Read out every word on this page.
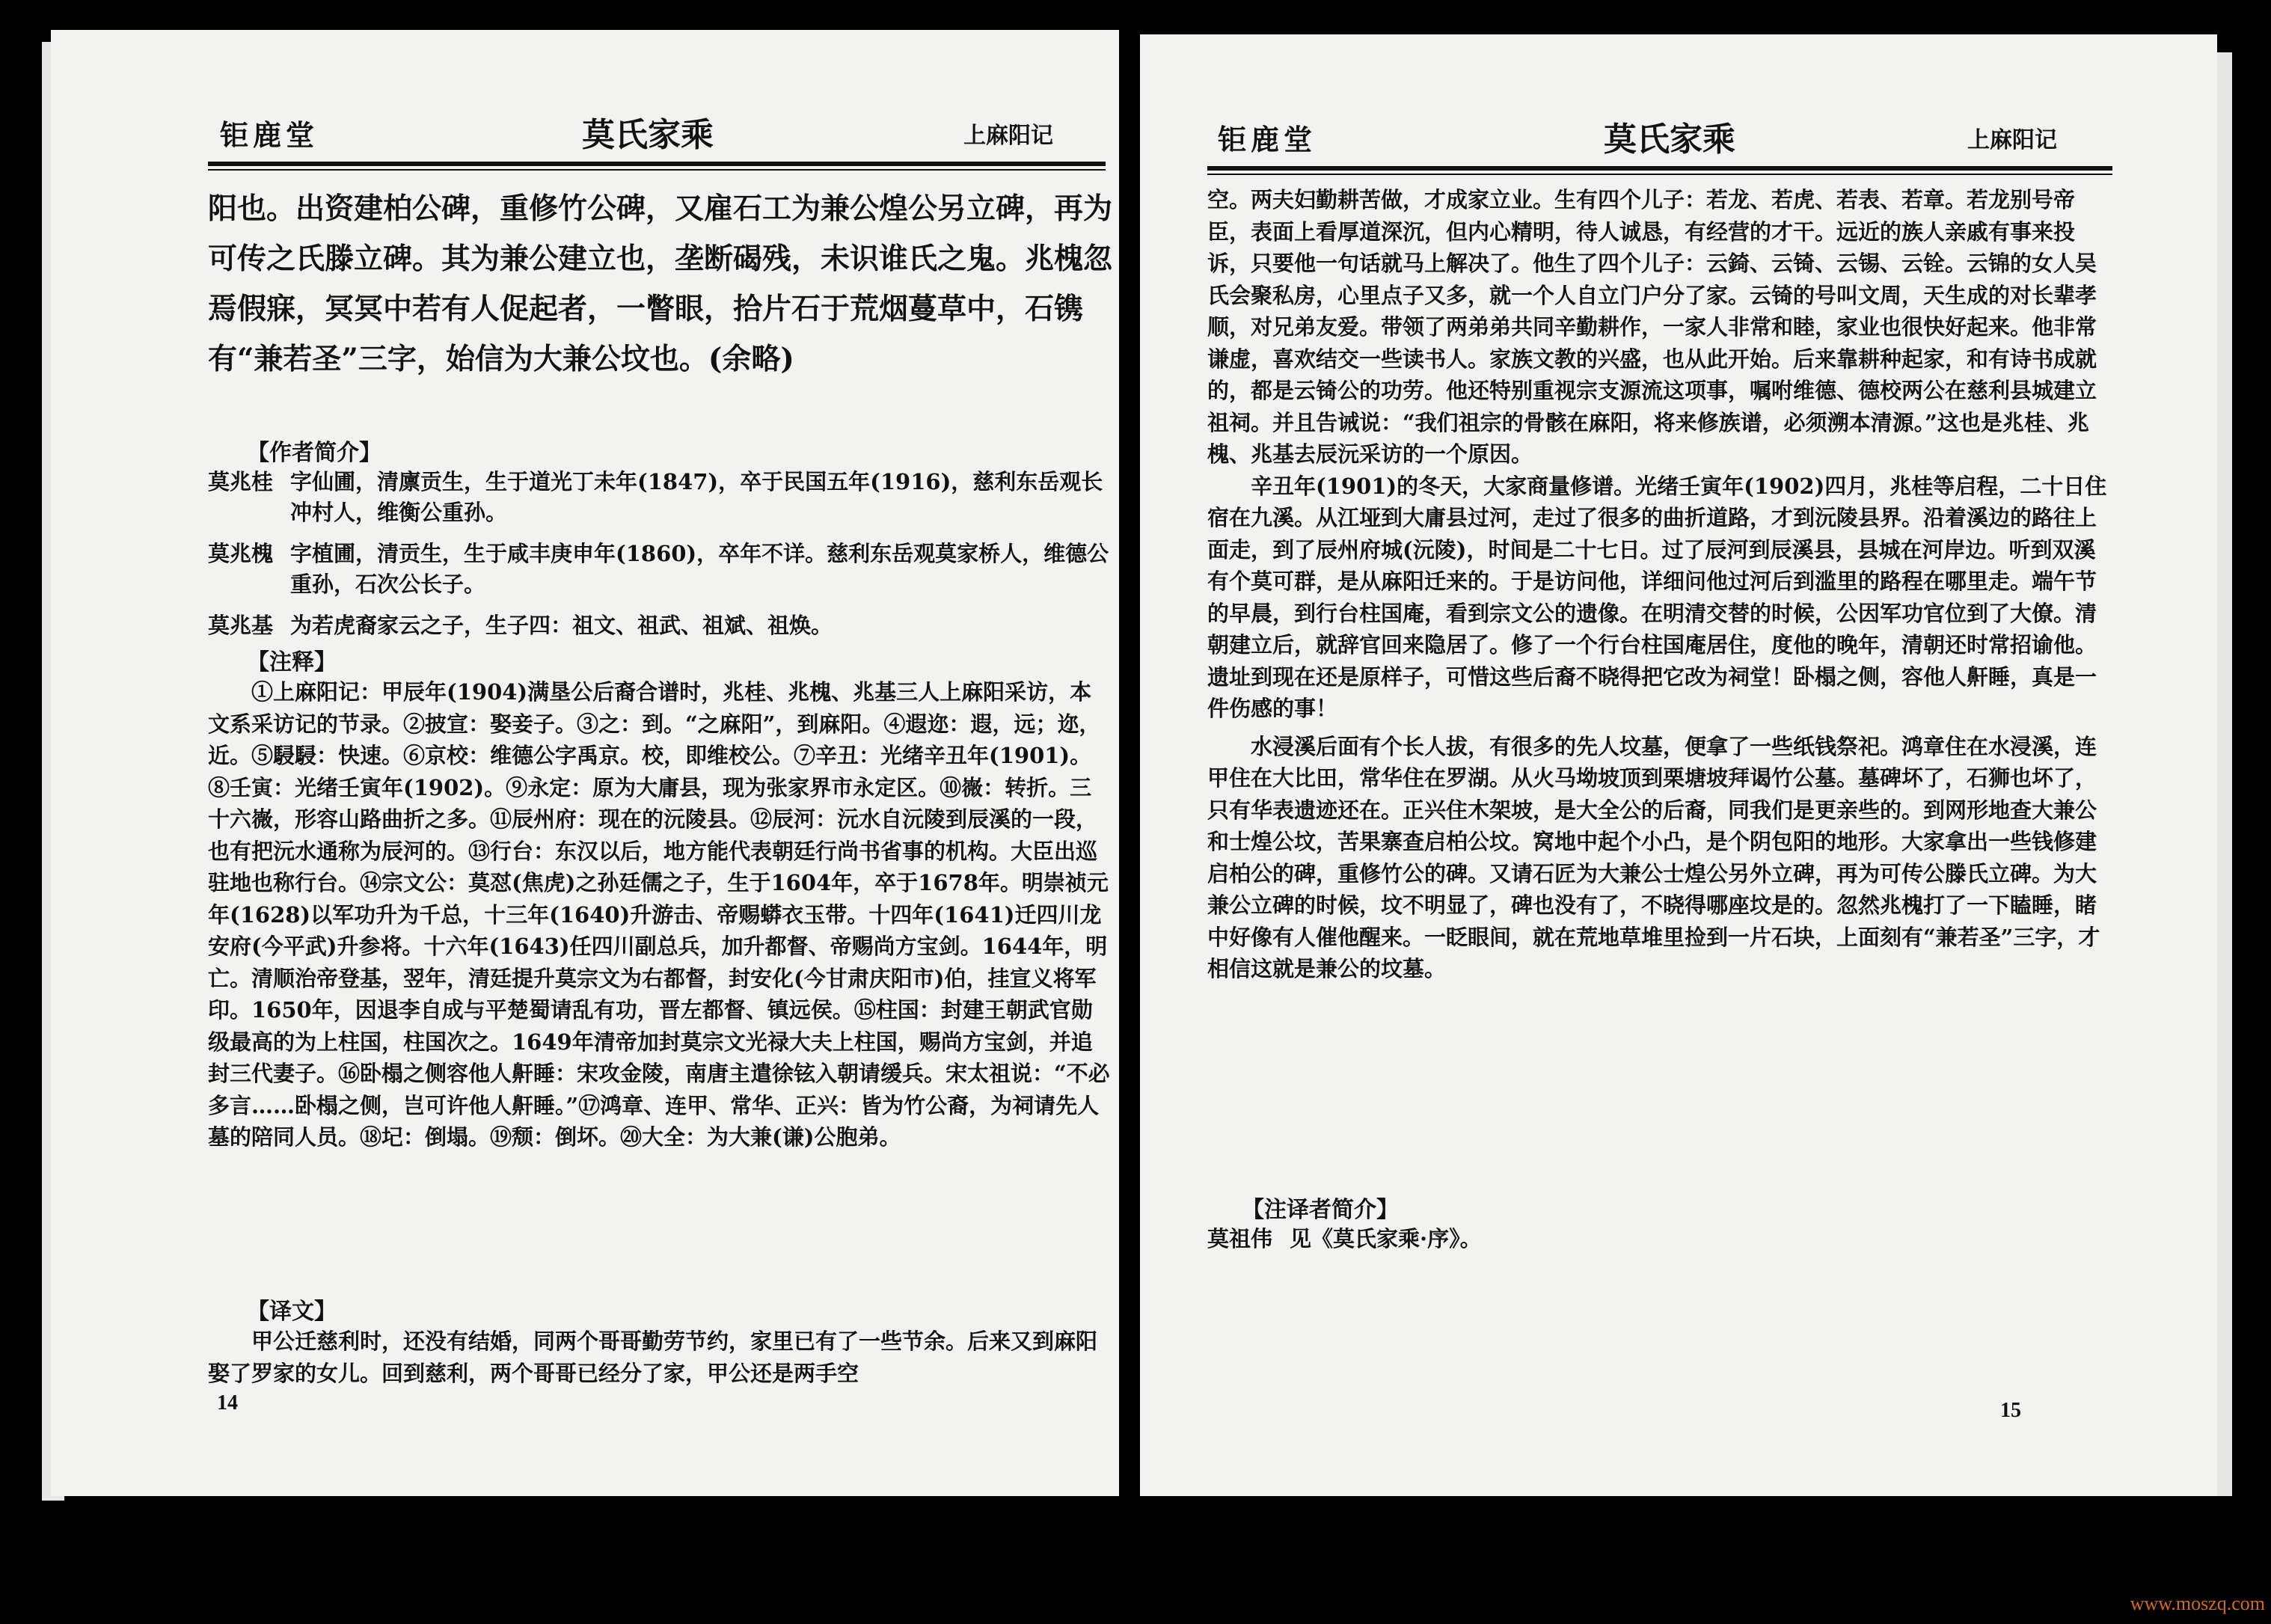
钜鹿堂	莫氏家乘	上麻阳记

阳也。出资建柏公碑，重修竹公碑，又雇石工为兼公煌公另立碑，再为可传之氏滕立碑。其为兼公建立也，垄断碣残，未识谁氏之鬼。兆槐忽焉假寐，冥冥中若有人促起者，一瞥眼，拾片石于荒烟蔓草中，石镌有“兼若圣”三字，始信为大兼公坟也。(余略)

【作者简介】
莫兆桂 字仙圃，清廪贡生，生于道光丁未年(1847)，卒于民国五年(1916)，慈利东岳观长冲村人，维衡公重孙。
莫兆槐 字植圃，清贡生，生于咸丰庚申年(1860)，卒年不详。慈利东岳观莫家桥人，维德公重孙，石次公长子。
莫兆基 为若虎裔家云之子，生子四：祖文、祖武、祖斌、祖焕。
【注释】

①上麻阳记：甲辰年(1904)满垦公后裔合谱时，兆桂、兆槐、兆基三人上麻阳采访，本文系采访记的节录。②披宣：娶妾子。③之：到。“之麻阳”，到麻阳。④遐迩：遐，远；迩，近。⑤駸駸：快速。⑥京校：维德公字禹京。校，即维校公。⑦辛丑：光绪辛丑年(1901)。⑧壬寅：光绪壬寅年(1902)。⑨永定：原为大庸县，现为张家界市永定区。⑩嶶：转折。三十六嶶，形容山路曲折之多。⑪辰州府：现在的沅陵县。⑫辰河：沅水自沅陵到辰溪的一段，也有把沅水通称为辰河的。⑬行台：东汉以后，地方能代表朝廷行尚书省事的机构。大臣出巡驻地也称行台。⑭宗文公：莫怼(焦虎)之孙廷儒之子，生于1604年，卒于1678年。明崇祯元年(1628)以军功升为千总，十三年(1640)升游击、帝赐蟒衣玉带。十四年(1641)迁四川龙安府(今平武)升参将。十六年(1643)任四川副总兵，加升都督、帝赐尚方宝剑。1644年，明亡。清顺治帝登基，翌年，清廷提升莫宗文为右都督，封安化(今甘肃庆阳市)伯，挂宣义将军印。1650年，因退李自成与平楚蜀请乱有功，晋左都督、镇远侯。⑮柱国：封建王朝武官勋级最高的为上柱国，柱国次之。1649年清帝加封莫宗文光禄大夫上柱国，赐尚方宝剑，并追封三代妻子。⑯卧榻之侧容他人鼾睡：宋攻金陵，南唐主遣徐铉入朝请缓兵。宋太祖说：“不必多言……卧榻之侧，岂可许他人鼾睡。”⑰鸿章、连甲、常华、正兴：皆为竹公裔，为祠请先人墓的陪同人员。⑱圮：倒塌。⑲颓：倒坏。⑳大全：为大兼(谦)公胞弟。

【译文】

甲公迁慈利时，还没有结婚，同两个哥哥勤劳节约，家里已有了一些节余。后来又到麻阳娶了罗家的女儿。回到慈利，两个哥哥已经分了家，甲公还是两手空

14
钜鹿堂	莫氏家乘	上麻阳记

空。两夫妇勤耕苦做，才成家立业。生有四个儿子：若龙、若虎、若表、若章。若龙别号帝臣，表面上看厚道深沉，但内心精明，待人诚恳，有经营的才干。远近的族人亲戚有事来投诉，只要他一句话就马上解决了。他生了四个儿子：云錡、云锜、云锡、云铨。云锦的女人吴氏会聚私房，心里点子又多，就一个人自立门户分了家。云锜的号叫文周，天生成的对长辈孝顺，对兄弟友爱。带领了两弟弟共同辛勤耕作，一家人非常和睦，家业也很快好起来。他非常谦虚，喜欢结交一些读书人。家族文教的兴盛，也从此开始。后来靠耕种起家，和有诗书成就的，都是云锜公的功劳。他还特别重视宗支源流这项事，嘱咐维德、德校两公在慈利县城建立祖祠。并且告诫说：“我们祖宗的骨骸在麻阳，将来修族谱，必须溯本清源。”这也是兆桂、兆槐、兆基去辰沅采访的一个原因。

辛丑年(1901)的冬天，大家商量修谱。光绪壬寅年(1902)四月，兆桂等启程，二十日住宿在九溪。从江垭到大庸县过河，走过了很多的曲折道路，才到沅陵县界。沿着溪边的路往上面走，到了辰州府城(沅陵)，时间是二十七日。过了辰河到辰溪县，县城在河岸边。听到双溪有个莫可群，是从麻阳迁来的。于是访问他，详细问他过河后到滥里的路程在哪里走。端午节的早晨，到行台柱国庵，看到宗文公的遗像。在明清交替的时候，公因军功官位到了大僚。清朝建立后，就辞官回来隐居了。修了一个行台柱国庵居住，度他的晚年，清朝还时常招谕他。遗址到现在还是原样子，可惜这些后裔不晓得把它改为祠堂！卧榻之侧，容他人鼾睡，真是一件伤感的事！

水浸溪后面有个长人拔，有很多的先人坟墓，便拿了一些纸钱祭祀。鸿章住在水浸溪，连甲住在大比田，常华住在罗湖。从火马坳坡顶到栗塘坡拜谒竹公墓。墓碑坏了，石狮也坏了，只有华表遗迹还在。正兴住木架坡，是大全公的后裔，同我们是更亲些的。到网形地查大兼公和士煌公坟，苦果寨查启柏公坟。窝地中起个小凸，是个阴包阳的地形。大家拿出一些钱修建启柏公的碑，重修竹公的碑。又请石匠为大兼公士煌公另外立碑，再为可传公滕氏立碑。为大兼公立碑的时候，坟不明显了，碑也没有了，不晓得哪座坟是的。忽然兆槐打了一下瞌睡，睹中好像有人催他醒来。一眨眼间，就在荒地草堆里捡到一片石块，上面刻有“兼若圣”三字，才相信这就是兼公的坟墓。

【注译者简介】
莫祖伟 见《莫氏家乘·序》。
15
www.moszq.com
